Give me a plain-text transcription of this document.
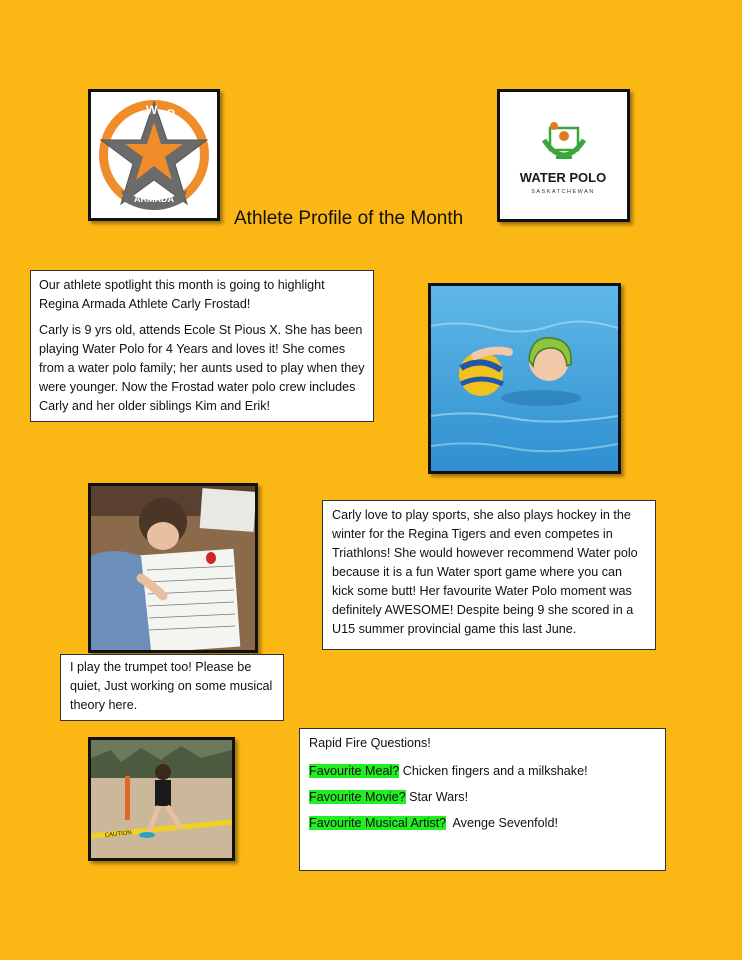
R
W P
A
ARMADA
WATER POLO
SASKATCHEWAN
Athlete Profile of the Month

Our athlete spotlight this month is going to highlight Regina Armada Athlete Carly Frostad!

Carly is 9 yrs old, attends Ecole St Pious X. She has been playing Water Polo for 4 Years and loves it! She comes from a water polo family; her aunts used to play when they were younger. Now the Frostad water polo crew includes Carly and her older siblings Kim and Erik!

Carly love to play sports, she also plays hockey in the winter for the Regina Tigers and even competes in Triathlons! She would however recommend Water polo because it is a fun Water sport game where you can kick some butt! Her favourite Water Polo moment was definitely AWESOME! Despite being 9 she scored in a U15 summer provincial game this last June.

I play the trumpet too! Please be quiet, Just working on some musical theory here.

CAUTION

Rapid Fire Questions!

Favourite Meal? Chicken fingers and a milkshake!

Favourite Movie? Star Wars!

Favourite Musical Artist?  Avenge Sevenfold!
